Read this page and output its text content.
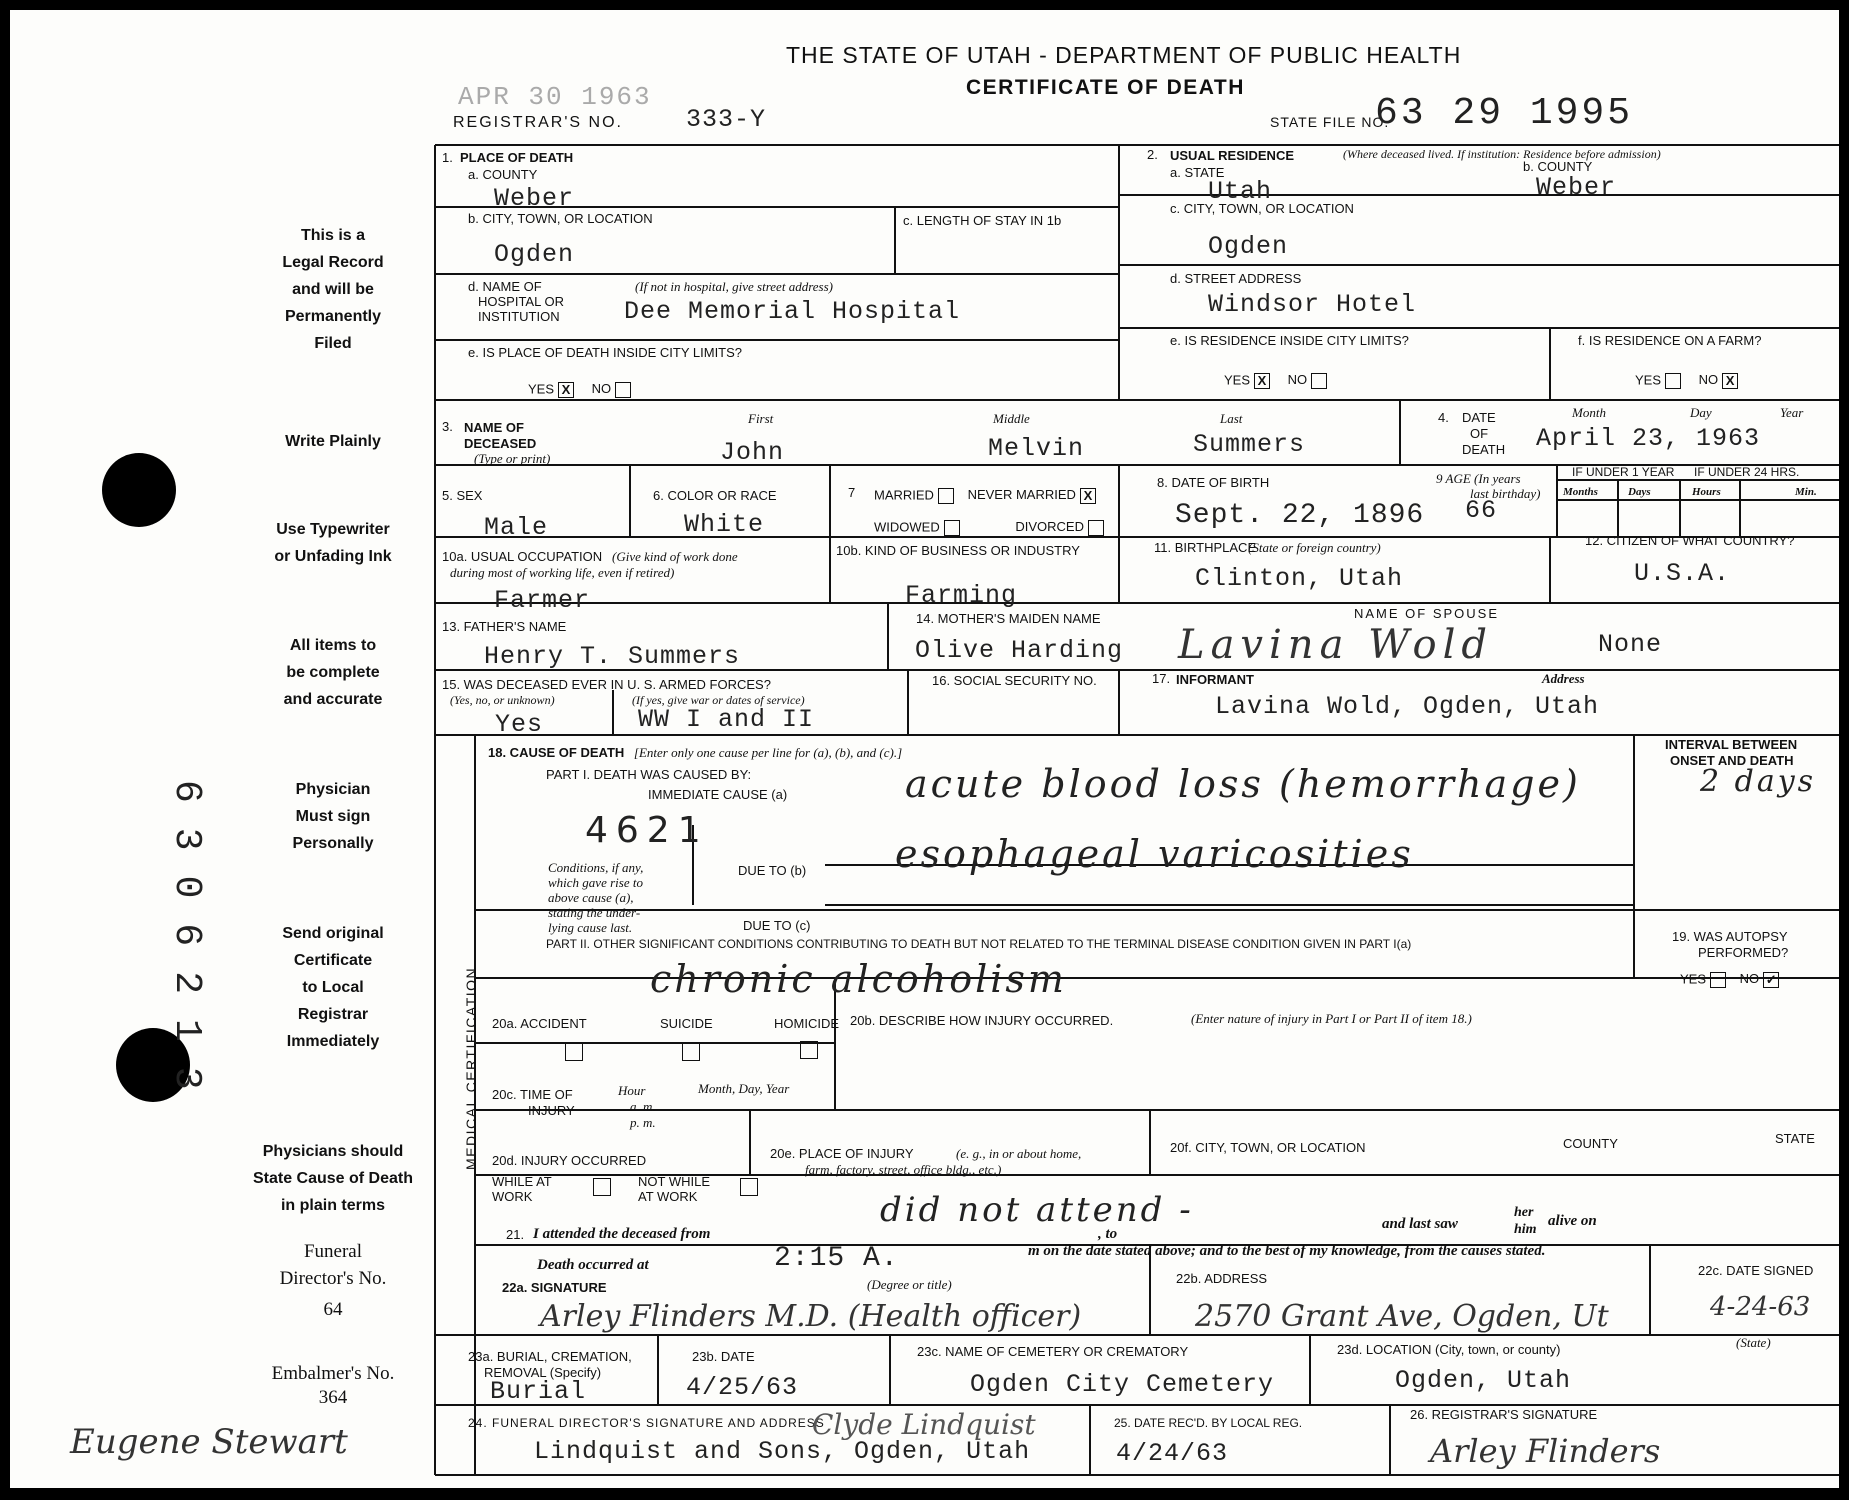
THE STATE OF UTAH - DEPARTMENT OF PUBLIC HEALTH
CERTIFICATE OF DEATH
APR 30 1963
REGISTRAR'S NO.	333-Y	STATE FILE NO.
63 29 1995
This is a
Legal Record
and will be
Permanently
Filed
Write Plainly
Use Typewriter
or Unfading Ink
All items to
be complete
and accurate
Physician
Must sign
Personally
Send original
Certificate
to Local
Registrar
Immediately
Physicians should
State Cause of Death
in plain terms
Funeral
Director's No.
64
Embalmer's No.
364
6306213
Eugene Stewart
1. PLACE OF DEATH
a. COUNTY
Weber
b. CITY, TOWN, OR LOCATION
Ogden
c. LENGTH OF STAY IN 1b
d. NAME OF
HOSPITAL OR
INSTITUTION
(If not in hospital, give street address)
Dee Memorial Hospital
e. IS PLACE OF DEATH INSIDE CITY LIMITS?
YES X NO
2. USUAL RESIDENCE	(Where deceased lived. If institution: Residence before admission)
a. STATE
Utah
b. COUNTY
Weber
c. CITY, TOWN, OR LOCATION
Ogden
d. STREET ADDRESS
Windsor Hotel
e. IS RESIDENCE INSIDE CITY LIMITS?
YES X NO
f. IS RESIDENCE ON A FARM?
YES	NO X
3. NAME OF
DECEASED
(Type or print)
First	Middle	Last
John	Melvin	Summers
4. DATE
OF
DEATH
Month	Day	Year
April 23, 1963
5. SEX
Male
6. COLOR OR RACE
White
7 MARRIED	NEVER MARRIED X
WIDOWED	DIVORCED
8. DATE OF BIRTH
Sept. 22, 1896
9 AGE (In years
last birthday)
66
IF UNDER 1 YEAR IF UNDER 24 HRS.
Months	Days	Hours	Min.
10a. USUAL OCCUPATION (Give kind of work done
during most of working life, even if retired)
Farmer
10b. KIND OF BUSINESS OR INDUSTRY
Farming
11. BIRTHPLACE
(State or foreign country)
Clinton, Utah
12. CITIZEN OF WHAT COUNTRY?
U.S.A.
13. FATHER'S NAME
Henry T. Summers
14. MOTHER'S MAIDEN NAME
Olive Harding
NAME OF SPOUSE
None
Lavina Wold
15. WAS DECEASED EVER IN U. S. ARMED FORCES?
(Yes, no, or unknown)	(If yes, give war or dates of service)
Yes	WW I and II
16. SOCIAL SECURITY NO.	17. INFORMANT	Address
Lavina Wold, Ogden, Utah
MEDICAL CERTIFICATION
18. CAUSE OF DEATH [Enter only one cause per line for (a), (b), and (c).]
PART I. DEATH WAS CAUSED BY:
IMMEDIATE CAUSE (a)	acute blood loss (hemorrhage)
INTERVAL BETWEEN
ONSET AND DEATH
2 days
4621
Conditions, if any,
which gave rise to
above cause (a),
stating the under-
lying cause last.
DUE TO (b) esophageal varicosities
DUE TO (c)
PART II. OTHER SIGNIFICANT CONDITIONS CONTRIBUTING TO DEATH BUT NOT RELATED TO THE TERMINAL DISEASE CONDITION GIVEN IN PART I(a)
chronic alcoholism
19. WAS AUTOPSY
PERFORMED?
YES	NO ✓
20a. ACCIDENT	SUICIDE	HOMICIDE 20b. DESCRIBE HOW INJURY OCCURRED.	(Enter nature of injury in Part I or Part II of item 18.)
20c. TIME OF
INJURY
Hour
a. m.
p. m.
Month, Day, Year
20d. INJURY OCCURRED
WHILE AT
WORK
NOT WHILE
AT WORK
20e. PLACE OF INJURY	(e. g., in or about home,
farm, factory, street, office bldg., etc.)
20f. CITY, TOWN, OR LOCATION	COUNTY	STATE
21. I attended the deceased from
did not attend -
, to
and last saw
her
him
alive on
Death occurred at	2:15 A.	m on the date stated above; and to the best of my knowledge, from the causes stated.
22a. SIGNATURE	(Degree or title)
Arley Flinders M.D. (Health officer)
22b. ADDRESS
2570 Grant Ave, Ogden, Ut
22c. DATE SIGNED
4-24-63
(State)
23a. BURIAL, CREMATION,
REMOVAL (Specify)
Burial
23b. DATE
4/25/63
23c. NAME OF CEMETERY OR CREMATORY
Ogden City Cemetery
23d. LOCATION (City, town, or county)
Ogden, Utah
24. FUNERAL DIRECTOR'S SIGNATURE AND ADDRESS
Lindquist and Sons, Ogden, Utah
Clyde Lindquist	25. DATE REC'D. BY LOCAL REG.
4/24/63
26. REGISTRAR'S SIGNATURE
Arley Flinders
